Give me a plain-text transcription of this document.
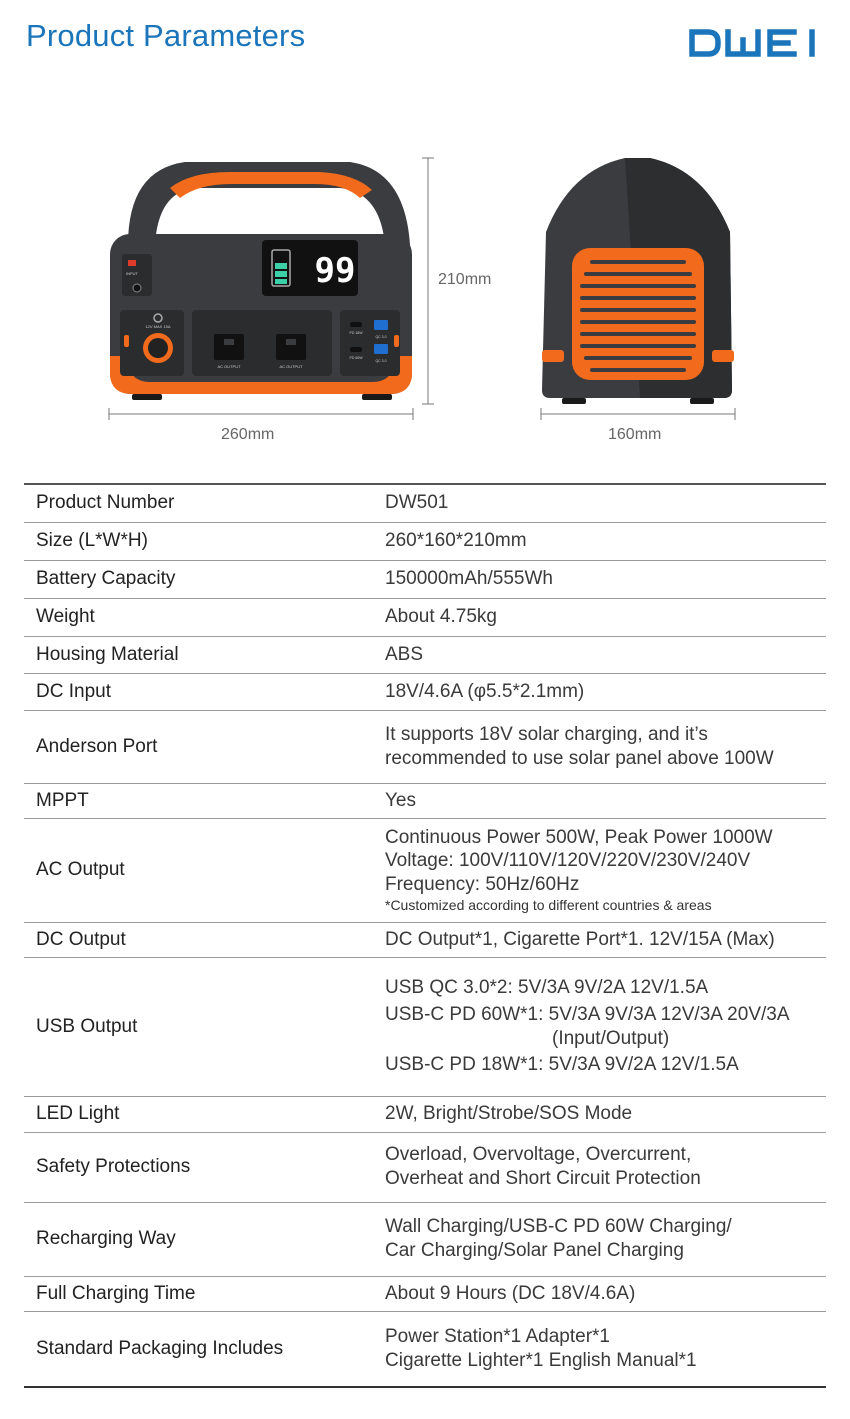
Product Parameters
INPUT	99
12V MAX 15A
AC OUTPUT	AC OUTPUT
PD 18W
QC 3.0
PD 60W
QC 3.0
260mm	160mm
210mm
Product Number	DW501
Size (L*W*H)	260*160*210mm
Battery Capacity	150000mAh/555Wh
Weight	About 4.75kg
Housing Material	ABS
DC Input	18V/4.6A (φ5.5*2.1mm)
Anderson Port	It supports 18V solar charging, and it’s
recommended to use solar panel above 100W

MPPT	Yes
AC Output	Continuous Power 500W, Peak Power 1000W
Voltage: 100V/110V/120V/220V/230V/240V
Frequency: 50Hz/60Hz
*Customized according to different countries & areas

DC Output	DC Output*1, Cigarette Port*1. 12V/15A (Max)
USB Output	USB QC 3.0*2: 5V/3A 9V/2A 12V/1.5A
USB-C PD 60W*1: 5V/3A 9V/3A 12V/3A 20V/3A
(Input/Output)
USB-C PD 18W*1: 5V/3A 9V/2A 12V/1.5A

LED Light	2W, Bright/Strobe/SOS Mode
Safety Protections	Overload, Overvoltage, Overcurrent,
Overheat and Short Circuit Protection

Recharging Way	Wall Charging/USB-C PD 60W Charging/
Car Charging/Solar Panel Charging

Full Charging Time	About 9 Hours (DC 18V/4.6A)
Standard Packaging Includes	Power Station*1 Adapter*1
Cigarette Lighter*1 English Manual*1
